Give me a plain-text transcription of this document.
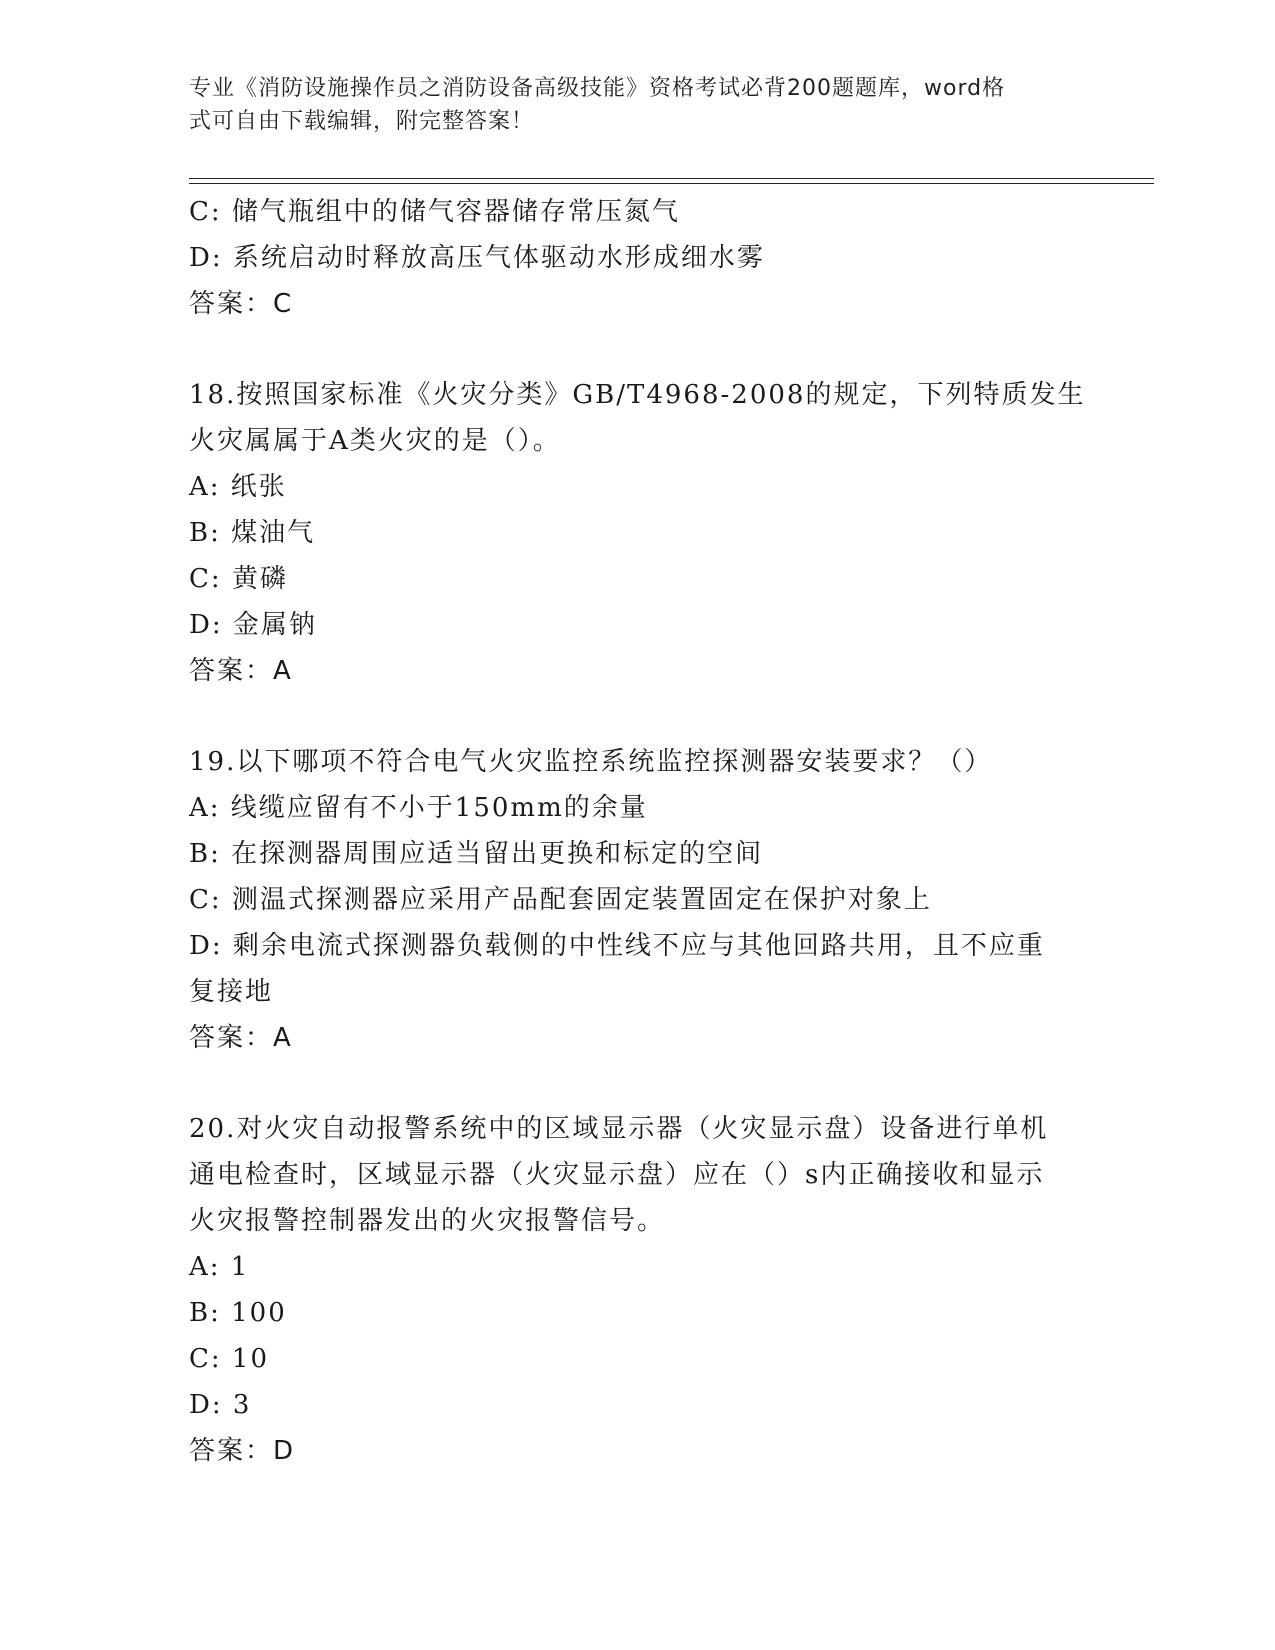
专业《消防设施操作员之消防设备高级技能》资格考试必背200题题库，word格
式可自由下载编辑，附完整答案！
C: 储气瓶组中的储气容器储存常压氮气
D: 系统启动时释放高压气体驱动水形成细水雾
答案：C
18.按照国家标准《火灾分类》GB/T4968-2008的规定，下列特质发生
火灾属属于A类火灾的是（）。
A: 纸张
B: 煤油气
C: 黄磷
D: 金属钠
答案：A
19.以下哪项不符合电气火灾监控系统监控探测器安装要求？（）
A: 线缆应留有不小于150mm的余量
B: 在探测器周围应适当留出更换和标定的空间
C: 测温式探测器应采用产品配套固定装置固定在保护对象上
D: 剩余电流式探测器负载侧的中性线不应与其他回路共用，且不应重
复接地
答案：A
20.对火灾自动报警系统中的区域显示器（火灾显示盘）设备进行单机
通电检查时，区域显示器（火灾显示盘）应在（）s内正确接收和显示
火灾报警控制器发出的火灾报警信号。
A: 1
B: 100
C: 10
D: 3
答案：D
